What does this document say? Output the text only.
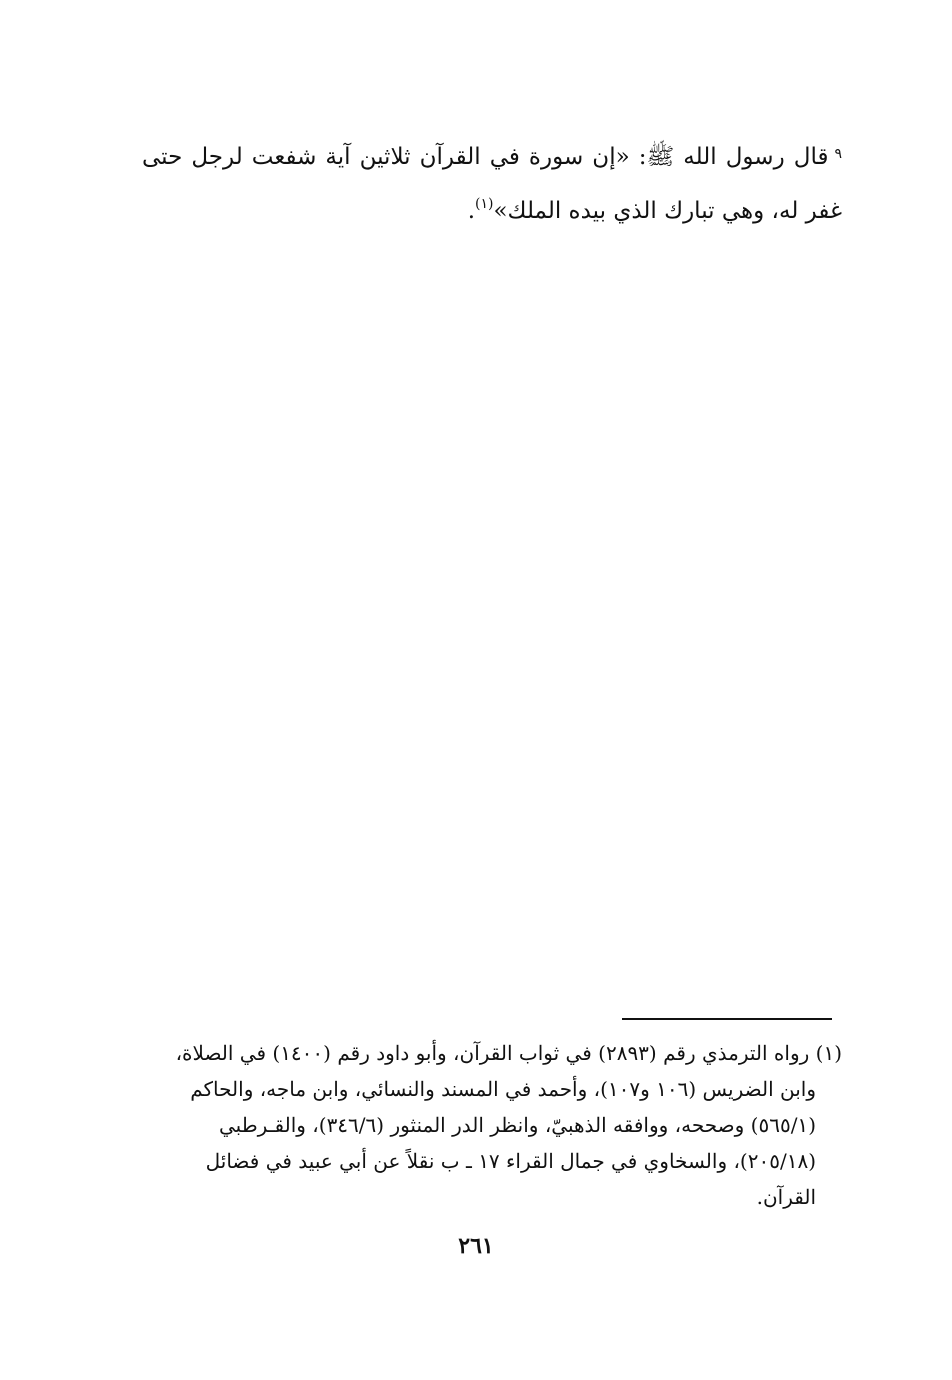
$^٩$قال رسول الله ﷺ: «إن سورة في القرآن ثلاثين آية شفعت لرجل حتى غفر له، وهي تبارك الذي بيده الملك»$^{(١)}$.

(١) رواه الترمذي رقم (٢٨٩٣) في ثواب القرآن، وأبو داود رقم (١٤٠٠) في الصلاة،
وابن الضريس (١٠٦ و١٠٧)، وأحمد في المسند والنسائي، وابن ماجه، والحاكم
(٥٦٥/١) وصححه، ووافقه الذهبيّ، وانظر الدر المنثور (٣٤٦/٦)، والقـرطبي
(٢٠٥/١٨)، والسخاوي في جمال القراء ١٧ ـ ب نقلاً عن أبي عبيد في فضائل
القرآن.
٢٦١
